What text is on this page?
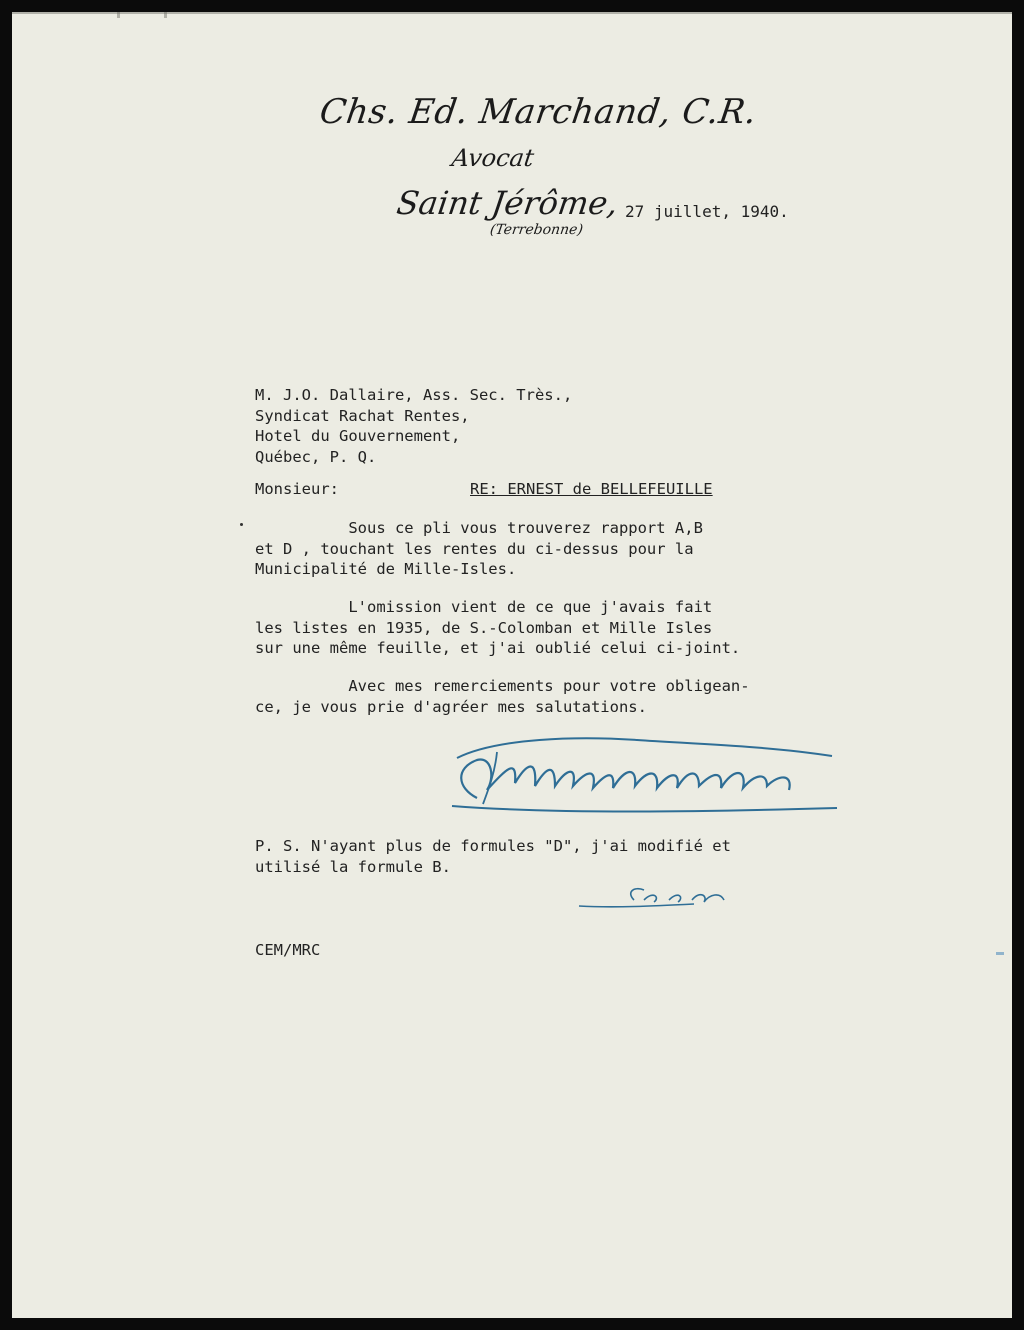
Chs. Ed. Marchand, C.R.
Avocat
Saint Jérôme,
(Terrebonne)
27 juillet, 1940.
M. J.O. Dallaire, Ass. Sec. Très.,
Syndicat Rachat Rentes,
Hotel du Gouvernement,
Québec, P. Q.
Monsieur:	RE: ERNEST de BELLEFEUILLE
Sous ce pli vous trouverez rapport A,B
et D , touchant les rentes du ci-dessus pour la
Municipalité de Mille-Isles.
L'omission vient de ce que j'avais fait
les listes en 1935, de S.-Colomban et Mille Isles
sur une même feuille, et j'ai oublié celui ci-joint.
Avec mes remerciements pour votre obligean-
ce, je vous prie d'agréer mes salutations.
P. S. N'ayant plus de formules "D", j'ai modifié et
utilisé la formule B.
CEM/MRC
